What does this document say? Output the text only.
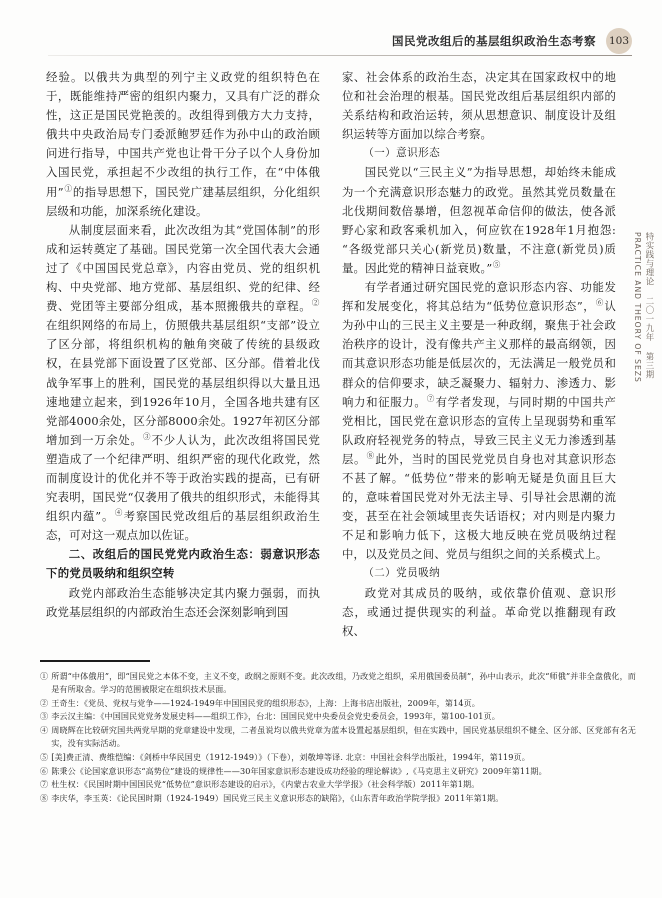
国民党改组后的基层组织政治生态考察 103
特实践与理论 二〇一九年 第三期
PRACTICE AND THEORY OF SEZS

经验。以俄共为典型的列宁主义政党的组织特色在于，既能维持严密的组织内聚力，又具有广泛的群众性，这正是国民党艳羡的。改组得到俄方大力支持，俄共中央政治局专门委派鲍罗廷作为孙中山的政治顾问进行指导，中国共产党也让骨干分子以个人身份加入国民党，承担起不少改组的执行工作，在“中体俄用”①的指导思想下，国民党广建基层组织，分化组织层级和功能，加深系统化建设。

从制度层面来看，此次改组为其“党国体制”的形成和运转奠定了基础。国民党第一次全国代表大会通过了《中国国民党总章》，内容由党员、党的组织机构、中央党部、地方党部、基层组织、党的纪律、经费、党团等主要部分组成，基本照搬俄共的章程。②在组织网络的布局上，仿照俄共基层组织“支部”设立了区分部，将组织机构的触角突破了传统的县级政权，在县党部下面设置了区党部、区分部。借着北伐战争军事上的胜利，国民党的基层组织得以大量且迅速地建立起来，到1926年10月，全国各地共建有区党部4000余处，区分部8000余处。1927年初区分部增加到一万余处。③不少人认为，此次改组将国民党塑造成了一个纪律严明、组织严密的现代化政党，然而制度设计的优化并不等于政治实践的提高，已有研究表明，国民党“仅袭用了俄共的组织形式，未能得其组织内蕴”。④考察国民党改组后的基层组织政治生态，可对这一观点加以佐证。

二、改组后的国民党党内政治生态：弱意识形态下的党员吸纳和组织空转

政党内部政治生态能够决定其内聚力强弱，而执政党基层组织的内部政治生态还会深刻影响到国

家、社会体系的政治生态，决定其在国家政权中的地位和社会治理的根基。国民党改组后基层组织内部的关系结构和政治运转，须从思想意识、制度设计及组织运转等方面加以综合考察。

（一）意识形态

国民党以“三民主义”为指导思想，却始终未能成为一个充满意识形态魅力的政党。虽然其党员数量在北伐期间数倍暴增，但忽视革命信仰的做法，使各派野心家和政客乘机加入，何应钦在1928年1月抱怨:“各级党部只关心(新党员)数量，不注意(新党员)质量。因此党的精神日益衰败。”⑤

有学者通过研究国民党的意识形态内容、功能发挥和发展变化，将其总结为“低势位意识形态”，⑥认为孙中山的三民主义主要是一种政纲，聚焦于社会政治秩序的设计，没有像共产主义那样的最高纲领，因而其意识形态功能是低层次的，无法满足一般党员和群众的信仰要求，缺乏凝聚力、辐射力、渗透力、影响力和征服力。⑦有学者发现，与同时期的中国共产党相比，国民党在意识形态的宣传上呈现弱势和重军队政府轻视党务的特点，导致三民主义无力渗透到基层。⑧此外，当时的国民党党员自身也对其意识形态不甚了解。“低势位”带来的影响无疑是负面且巨大的，意味着国民党对外无法主导、引导社会思潮的流变，甚至在社会领域里丧失话语权；对内则是内聚力不足和影响力低下，这极大地反映在党员吸纳过程中，以及党员之间、党员与组织之间的关系模式上。

（二）党员吸纳

政党对其成员的吸纳，或依靠价值观、意识形态，或通过提供现实的利益。革命党以推翻现有政权、

① 所谓“中体俄用”，即“国民党之本体不变，主义不变，政纲之原则不变。此次改组，乃改党之组织，采用俄国委员制”，孙中山表示，此次“师俄”并非全盘俄化，而是有所取舍。学习的范围被限定在组织技术层面。
② 王奇生：《党员、党权与党争——1924-1949年中国国民党的组织形态》，上海：上海书店出版社，2009年，第14页。
③ 李云汉主编：《中国国民党党务发展史料——组织工作》，台北：国国民党中央委员会党史委员会，1993年，第100-101页。
④ 周晓辉在比较研究国共两党早期的党章建设中发现，二者虽说均以俄共党章为蓝本设置起基层组织，但在实践中，国民党基层组织不健全、区分部、区党部有名无实，没有实际活动。
⑤ [美]费正清、费维恺编：《剑桥中华民国史（1912-1949）》（下卷），刘敬坤等译. 北京：中国社会科学出版社，1994年，第119页。
⑥ 陈秉公《论国家意识形态“高势位”建设的规律性——30年国家意识形态建设成功经验的理论解读》,《马克思主义研究》2009年第11期。
⑦ 杜生权：《民国时期中国国民党“低势位”意识形态建设的启示》，《内蒙古农业大学学报》（社会科学版）2011年第1期。
⑧ 李庆华，李玉英：《论民国时期（1924-1949）国民党三民主义意识形态的缺陷》，《山东青年政治学院学报》2011年第1期。
